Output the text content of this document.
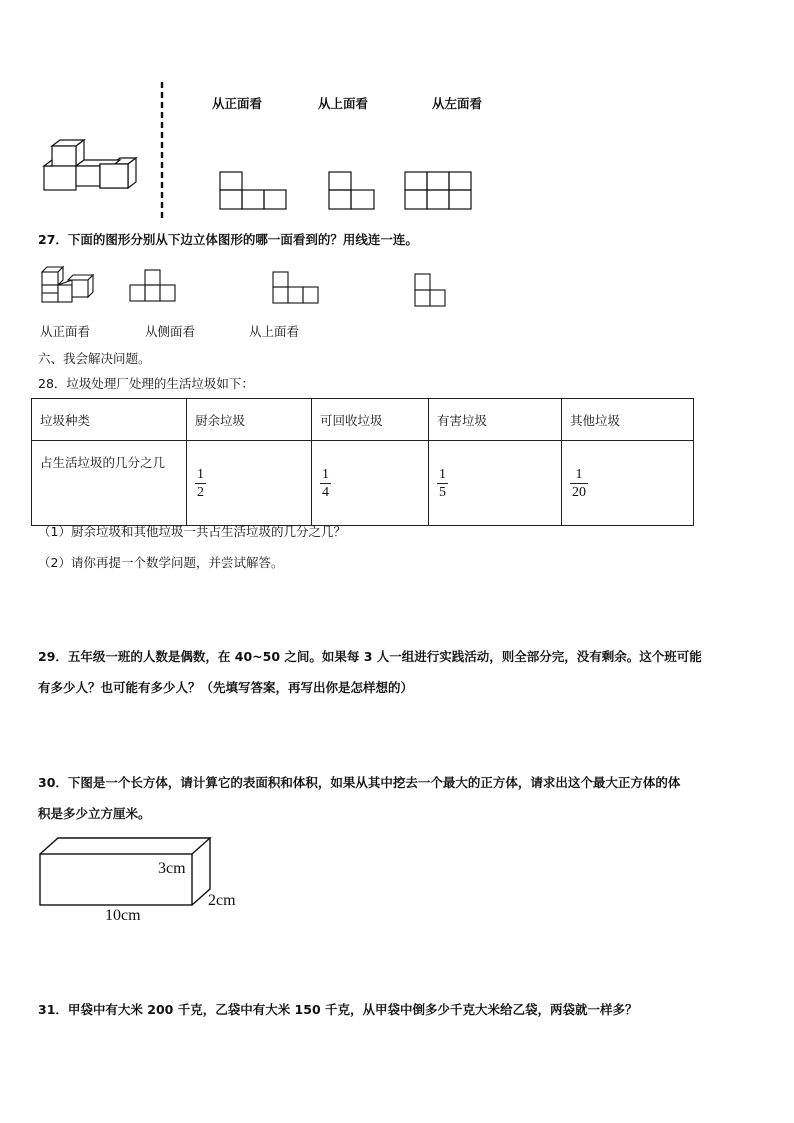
从正面看	从上面看	从左面看
27．下面的图形分别从下边立体图形的哪一面看到的？用线连一连。
从正面看	从侧面看	从上面看
六、我会解决问题。
28．垃圾处理厂处理的生活垃圾如下：
垃圾种类	厨余垃圾	可回收垃圾	有害垃圾	其他垃圾
占生活垃圾的几分之几	$\frac{1}{2}$	$\frac{1}{4}$	$\frac{1}{5}$	$\frac{1}{20}$
（1）厨余垃圾和其他垃圾一共占生活垃圾的几分之几？
（2）请你再提一个数学问题，并尝试解答。
29．五年级一班的人数是偶数，在 40~50 之间。如果每 3 人一组进行实践活动，则全部分完，没有剩余。这个班可能
有多少人？也可能有多少人？（先填写答案，再写出你是怎样想的）
30．下图是一个长方体，请计算它的表面积和体积，如果从其中挖去一个最大的正方体，请求出这个最大正方体的体
积是多少立方厘米。
3cm
2cm
10cm
31．甲袋中有大米 200 千克，乙袋中有大米 150 千克，从甲袋中倒多少千克大米给乙袋，两袋就一样多？
